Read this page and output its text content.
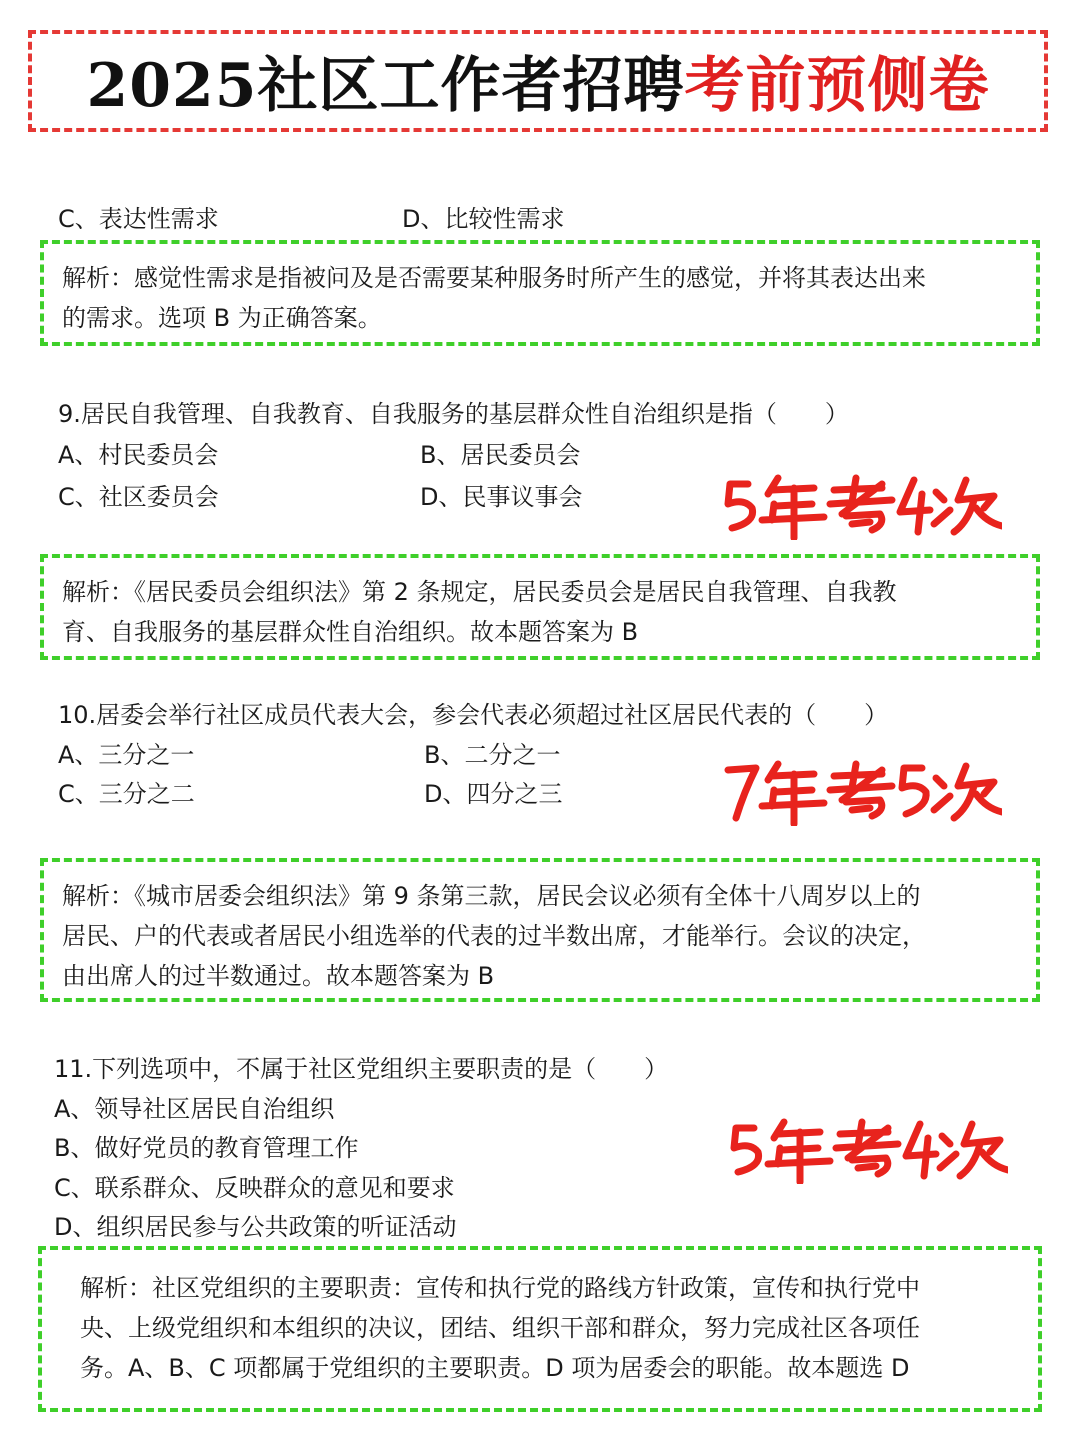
2025社区工作者招聘考前预侧卷
C、表达性需求	D、比较性需求

解析：感觉性需求是指被问及是否需要某种服务时所产生的感觉，并将其表达出来

的需求。选项 B 为正确答案。

9.居民自我管理、自我教育、自我服务的基层群众性自治组织是指（　　）
A、村民委员会	B、居民委员会
C、社区委员会	D、民事议事会

解析：《居民委员会组织法》第 2 条规定，居民委员会是居民自我管理、自我教

育、自我服务的基层群众性自治组织。故本题答案为 B

10.居委会举行社区成员代表大会，参会代表必须超过社区居民代表的（　　）
A、三分之一	B、二分之一
C、三分之二	D、四分之三

解析：《城市居委会组织法》第 9 条第三款，居民会议必须有全体十八周岁以上的

居民、户的代表或者居民小组选举的代表的过半数出席，才能举行。会议的决定，

由出席人的过半数通过。故本题答案为 B

11.下列选项中，不属于社区党组织主要职责的是（　　）
A、领导社区居民自治组织
B、做好党员的教育管理工作
C、联系群众、反映群众的意见和要求
D、组织居民参与公共政策的听证活动

解析：社区党组织的主要职责：宣传和执行党的路线方针政策，宣传和执行党中

央、上级党组织和本组织的决议，团结、组织干部和群众，努力完成社区各项任

务。A、B、C 项都属于党组织的主要职责。D 项为居委会的职能。故本题选 D
